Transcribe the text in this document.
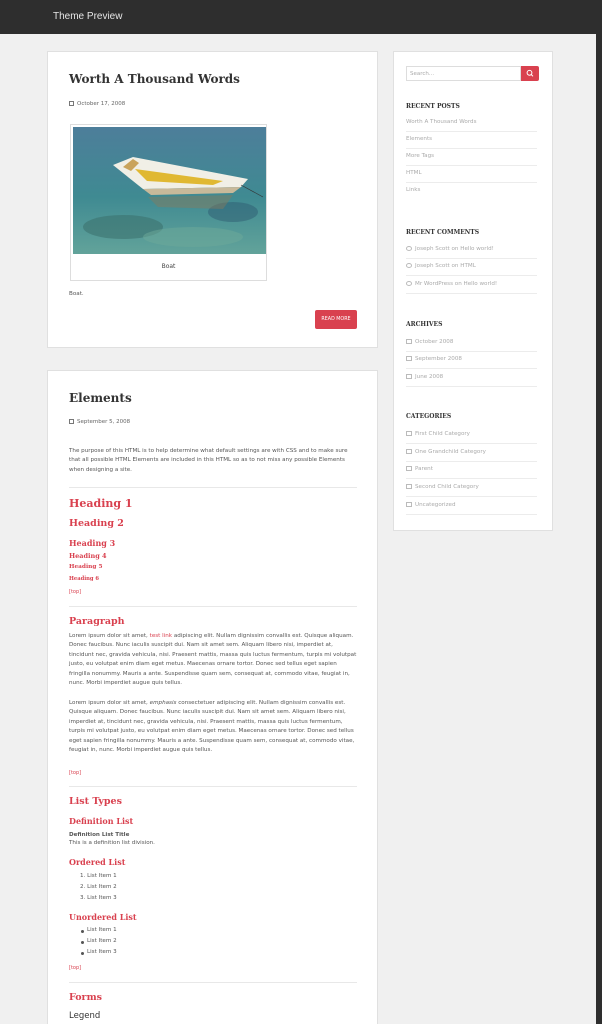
Theme Preview
Worth A Thousand Words
October 17, 2008
Boat
Boat.
READ MORE
Elements
September 5, 2008
The purpose of this HTML is to help determine what default settings are with CSS and to make sure that all possible HTML Elements are included in this HTML so as to not miss any possible Elements when designing a site.
Heading 1
Heading 2
Heading 3
Heading 4
Heading 5
Heading 6
[top]
Paragraph
Lorem ipsum dolor sit amet, test link adipiscing elit. Nullam dignissim convallis est. Quisque aliquam. Donec faucibus. Nunc iaculis suscipit dui. Nam sit amet sem. Aliquam libero nisi, imperdiet at, tincidunt nec, gravida vehicula, nisi. Praesent mattis, massa quis luctus fermentum, turpis mi volutpat justo, eu volutpat enim diam eget metus. Maecenas ornare tortor. Donec sed tellus eget sapien fringilla nonummy. Mauris a ante. Suspendisse quam sem, consequat at, commodo vitae, feugiat in, nunc. Morbi imperdiet augue quis tellus.
Lorem ipsum dolor sit amet, emphasis consectetuer adipiscing elit. Nullam dignissim convallis est. Quisque aliquam. Donec faucibus. Nunc iaculis suscipit dui. Nam sit amet sem. Aliquam libero nisi, imperdiet at, tincidunt nec, gravida vehicula, nisi. Praesent mattis, massa quis luctus fermentum, turpis mi volutpat justo, eu volutpat enim diam eget metus. Maecenas ornare tortor. Donec sed tellus eget sapien fringilla nonummy. Mauris a ante. Suspendisse quam sem, consequat at, commodo vitae, feugiat in, nunc. Morbi imperdiet augue quis tellus.
[top]
List Types
Definition List
Definition List Title
This is a definition list division.
Ordered List
1. List Item 1
2. List Item 2
3. List Item 3
Unordered List
List Item 1
List Item 2
List Item 3
[top]
Forms
Legend
Search...
RECENT POSTS
Worth A Thousand Words
Elements
More Tags
HTML
Links
RECENT COMMENTS
Joseph Scott on Hello world!
Joseph Scott on HTML
Mr WordPress on Hello world!
ARCHIVES
October 2008
September 2008
June 2008
CATEGORIES
First Child Category
One Grandchild Category
Parent
Second Child Category
Uncategorized
